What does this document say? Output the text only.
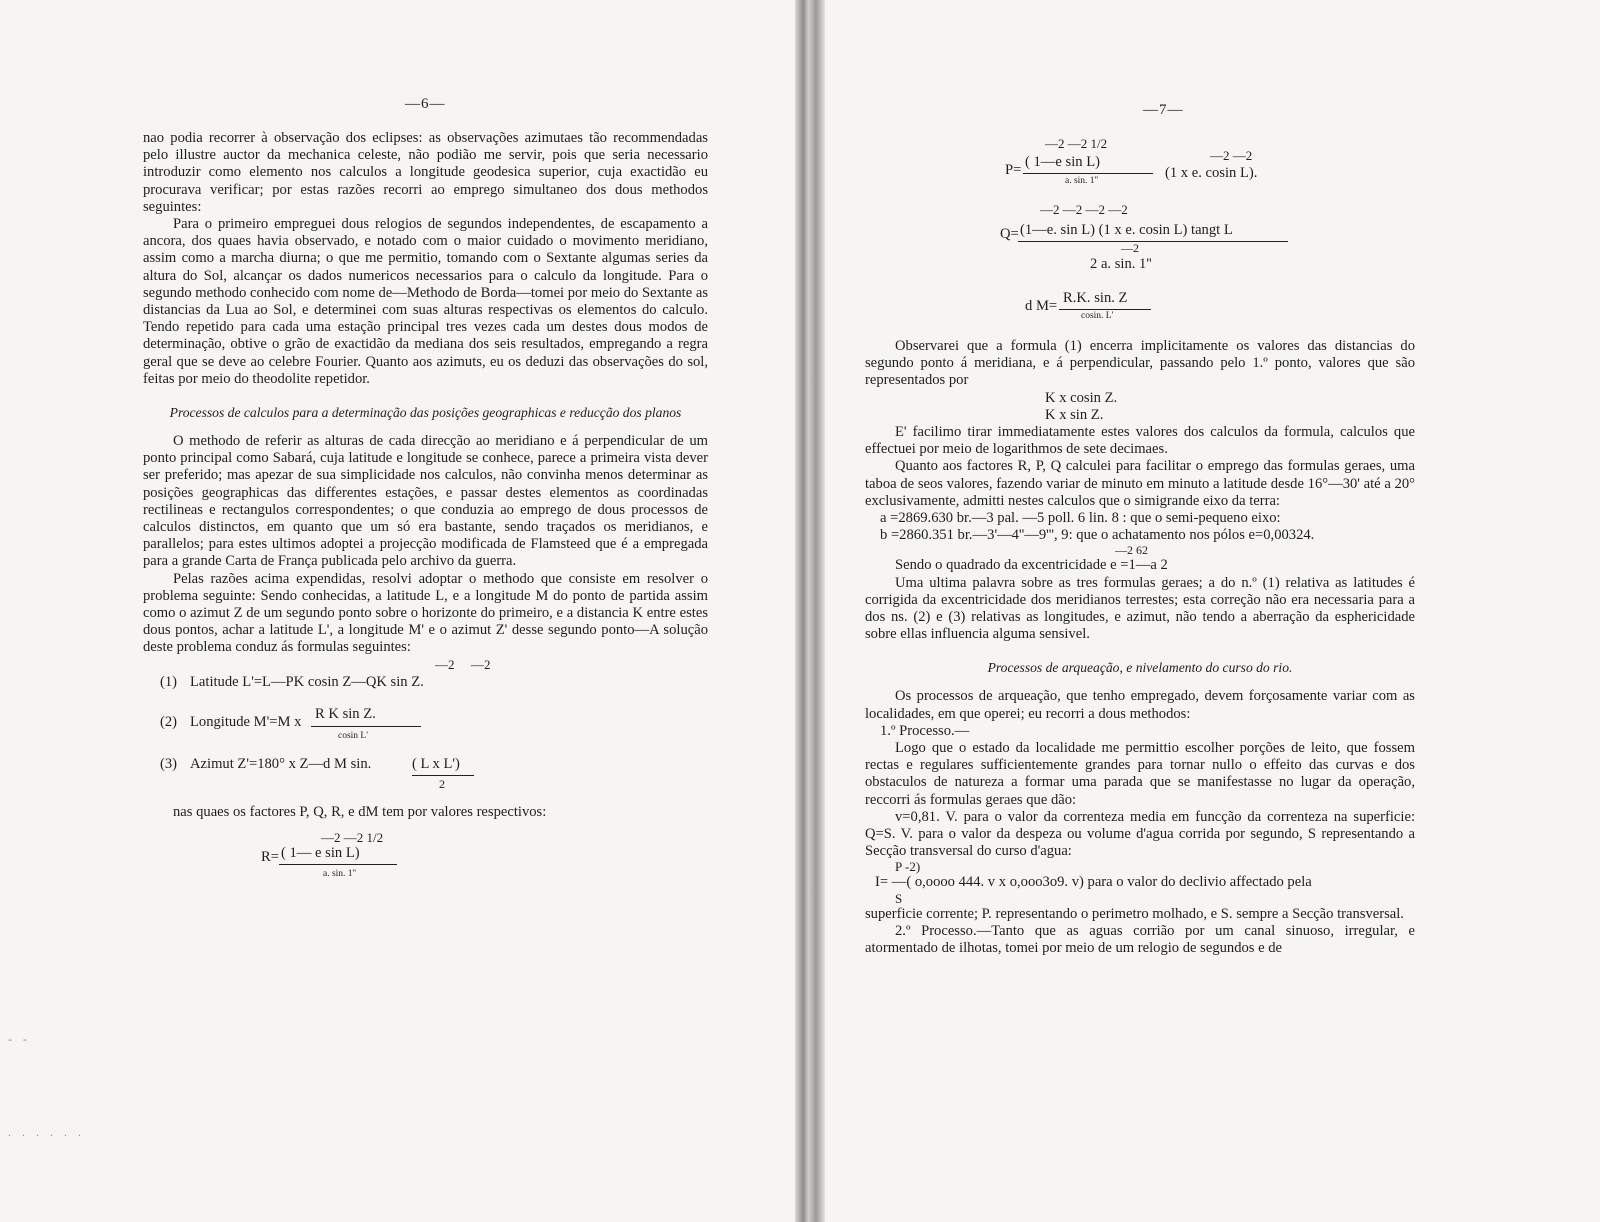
—6—

nao podia recorrer à observação dos eclipses: as observações azimutaes tão recommendadas pelo illustre auctor da mechanica celeste, não podião me servir, pois que seria necessario introduzir como elemento nos calculos a longitude geodesica superior, cuja exactidão eu procurava verificar; por estas razões recorri ao emprego simultaneo dos dous methodos seguintes:

Para o primeiro empreguei dous relogios de segundos independentes, de escapamento a ancora, dos quaes havia observado, e notado com o maior cuidado o movimento meridiano, assim como a marcha diurna; o que me permitio, tomando com o Sextante algumas series da altura do Sol, alcançar os dados numericos necessarios para o calculo da longitude. Para o segundo methodo conhecido com nome de—Methodo de Borda—tomei por meio do Sextante as distancias da Lua ao Sol, e determinei com suas alturas respectivas os elementos do calculo. Tendo repetido para cada uma estação principal tres vezes cada um destes dous modos de determinação, obtive o grão de exactidão da mediana dos seis resultados, empregando a regra geral que se deve ao celebre Fourier. Quanto aos azimuts, eu os deduzi das observações do sol, feitas por meio do theodolite repetidor.

Processos de calculos para a determinação das posições geographicas e reducção dos planos

O methodo de referir as alturas de cada direcção ao meridiano e á perpendicular de um ponto principal como Sabará, cuja latitude e longitude se conhece, parece a primeira vista dever ser preferido; mas apezar de sua simplicidade nos calculos, não convinha menos determinar as posições geographicas das differentes estações, e passar destes elementos as coordinadas rectilineas e rectangulos correspondentes; o que conduzia ao emprego de dous processos de calculos distinctos, em quanto que um só era bastante, sendo traçados os meridianos, e parallelos; para estes ultimos adoptei a projecção modificada de Flamsteed que é a empregada para a grande Carta de França publicada pelo archivo da guerra.

Pelas razões acima expendidas, resolvi adoptar o methodo que consiste em resolver o problema seguinte: Sendo conhecidas, a latitude L, e a longitude M do ponto de partida assim como o azimut Z de um segundo ponto sobre o horizonte do primeiro, e a distancia K entre estes dous pontos, achar a latitude L', a longitude M' e o azimut Z' desse segundo ponto—A solução deste problema conduz ás formulas seguintes:

—2 —2
(1) Latitude L'=L—PK cosin Z—QK sin Z.
(2) Longitude M'=M x R K sin Z.
cosin L'
(3) Azimut Z'=180° x Z—d M sin.	( L x L')
2

nas quaes os factores P, Q, R, e dM tem por valores respectivos:

—2 —2 1/2
R= ( 1— e sin L)
a. sin. 1''
- -
. . . . . .
—7—
—2 —2 1/2
—2 —2
P= ( 1—e sin L)
a. sin. 1''	(1 x e. cosin L).
—2 —2 —2 —2
Q= (1—e. sin L) (1 x e. cosin L) tangt L
—2
2 a. sin. 1''
d M= R.K. sin. Z
cosin. L'

Observarei que a formula (1) encerra implicitamente os valores das distancias do segundo ponto á meridiana, e á perpendicular, passando pelo 1.º ponto, valores que são representados por

K x cosin Z.

K x sin Z.

E' facilimo tirar immediatamente estes valores dos calculos da formula, calculos que effectuei por meio de logarithmos de sete decimaes.

Quanto aos factores R, P, Q calculei para facilitar o emprego das formulas geraes, uma taboa de seos valores, fazendo variar de minuto em minuto a latitude desde 16°—30' até a 20° exclusivamente, admitti nestes calculos que o simigrande eixo da terra:

a =2869.630 br.—3 pal. —5 poll. 6 lin. 8 : que o semi-pequeno eixo:

b =2860.351 br.—3'—4''—9''', 9: que o achatamento nos pólos e=0,00324.

—2 62

Sendo o quadrado da excentricidade e =1—a 2

Uma ultima palavra sobre as tres formulas geraes; a do n.º (1) relativa as latitudes é corrigida da excentricidade dos meridianos terrestes; esta correção não era necessaria para a dos ns. (2) e (3) relativas as longitudes, e azimut, não tendo a aberração da esphericidade sobre ellas influencia alguma sensivel.

Processos de arqueação, e nivelamento do curso do rio.

Os processos de arqueação, que tenho empregado, devem forçosamente variar com as localidades, em que operei; eu recorri a dous methodos:

1.º Processo.—

Logo que o estado da localidade me permittio escolher porções de leito, que fossem rectas e regulares sufficientemente grandes para tornar nullo o effeito das curvas e dos obstaculos de natureza a formar uma parada que se manifestasse no lugar da operação, reccorri ás formulas geraes que dão:

v=0,81. V. para o valor da correnteza media em funcção da correnteza na superficie: Q=S. V. para o valor da despeza ou volume d'agua corrida por segundo, S representando a Secção transversal do curso d'agua:

P -2)

I= —( o,oooo 444. v x o,ooo3o9. v) para o valor do declivio affectado pela

S

superficie corrente; P. representando o perimetro molhado, e S. sempre a Secção transversal.

2.º Processo.—Tanto que as aguas corrião por um canal sinuoso, irregular, e atormentado de ilhotas, tomei por meio de um relogio de segundos e de
